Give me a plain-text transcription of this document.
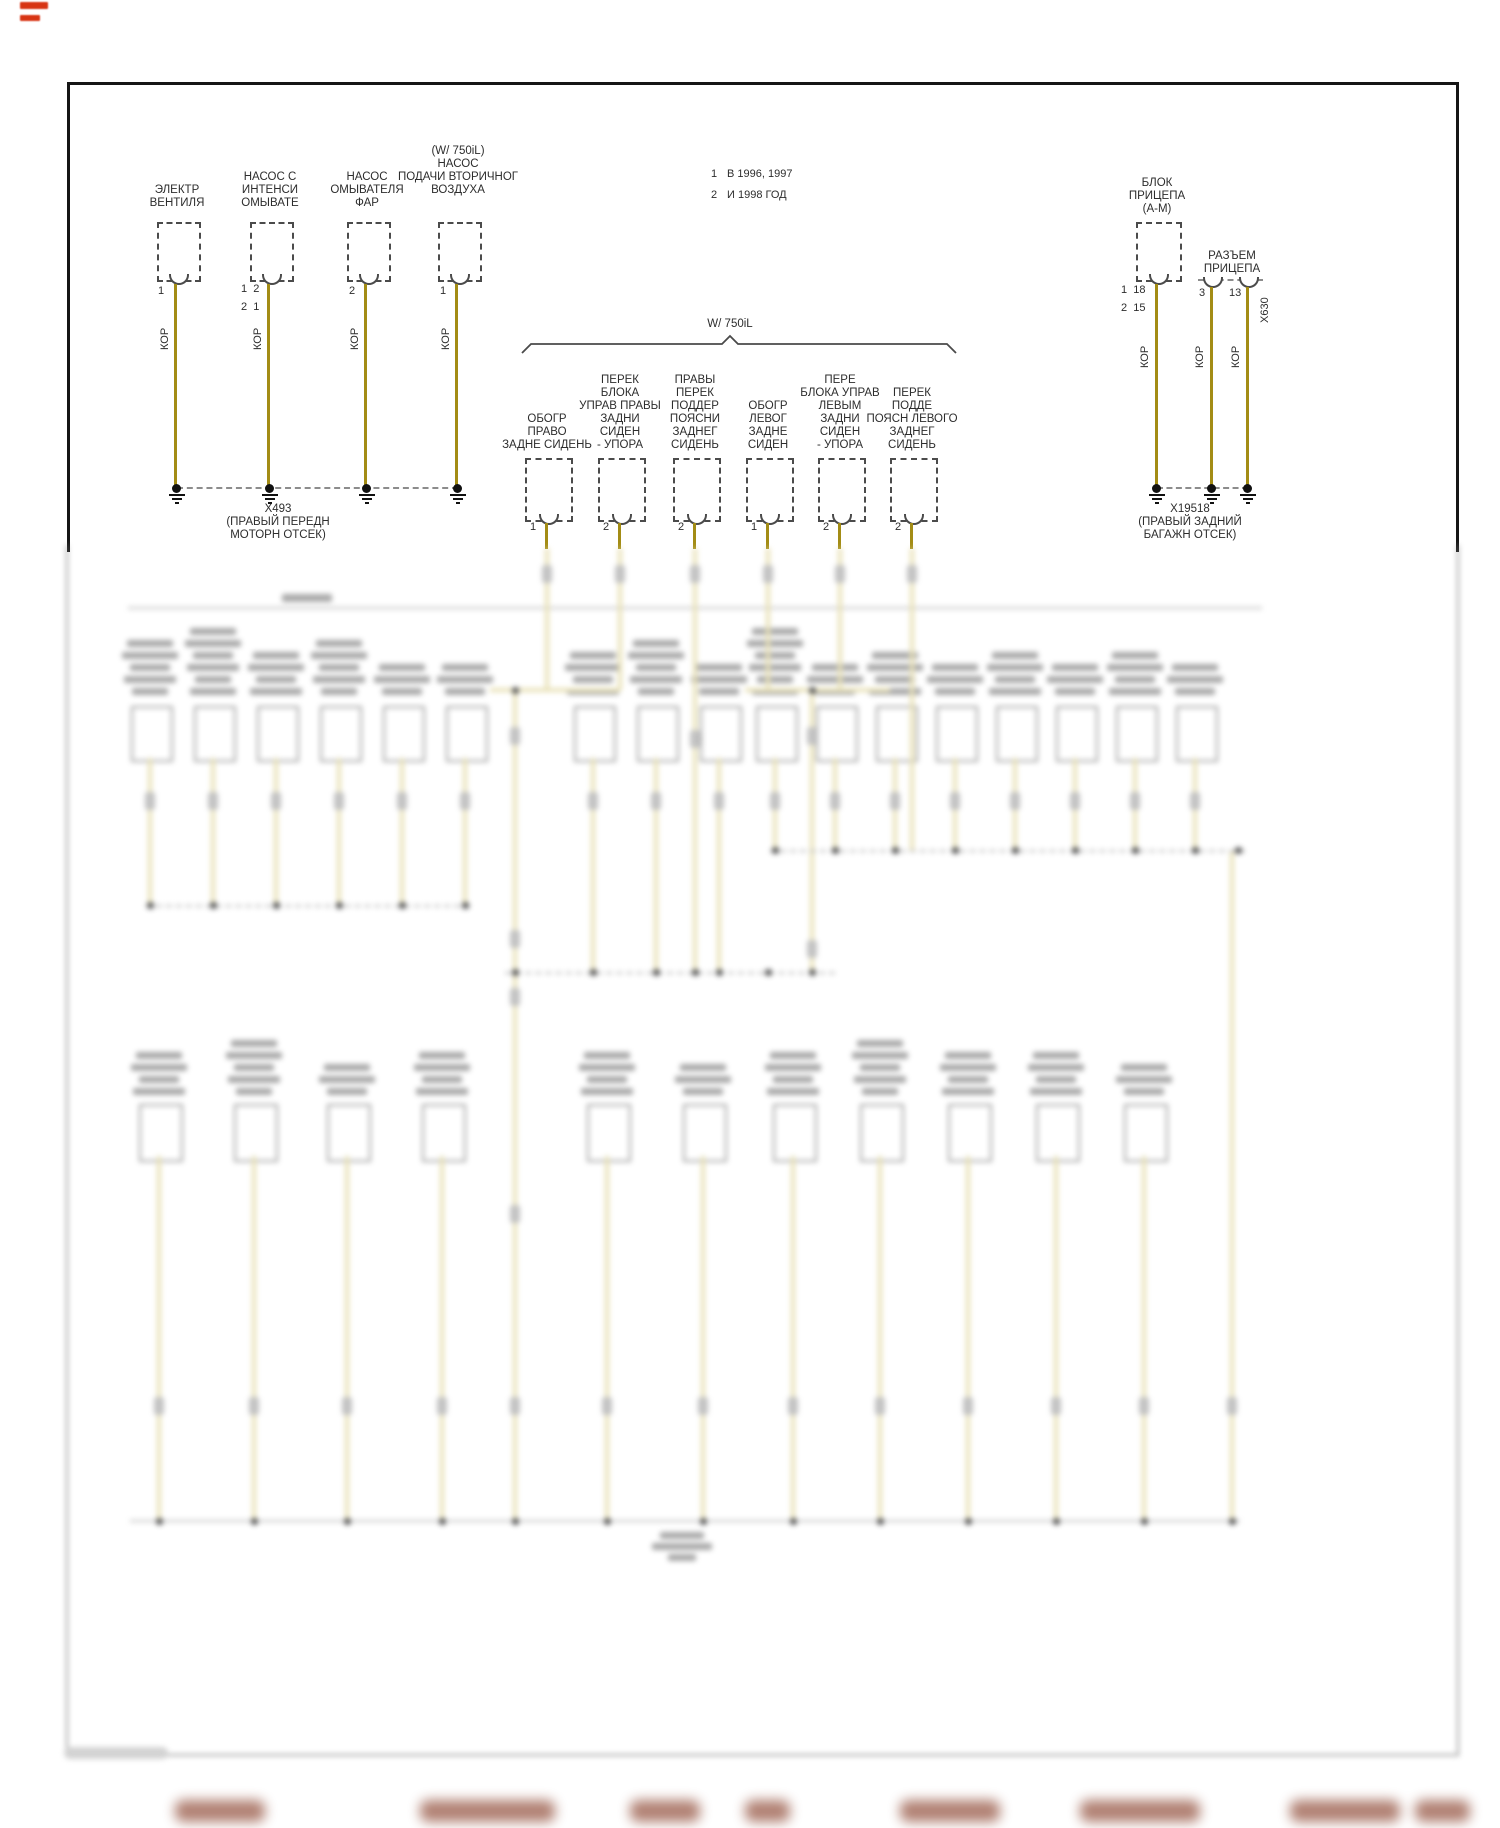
1 В 1996, 1997
2 И 1998 ГОД
ЭЛЕКТР
ВЕНТИЛЯ
1
КОР
НАСОС С
ИНТЕНСИ
ОМЫВАТЕ
1  2
2  1
КОР
НАСОС
ОМЫВАТЕЛЯ
ФАР
2
КОР
(W/ 750iL)
НАСОС
ПОДАЧИ ВТОРИЧНОГ
ВОЗДУХА
1
КОР
X493
(ПРАВЫЙ ПЕРЕДН
МОТОРН ОТСЕК)
W/ 750iL
ОБОГР
ПРАВО
ЗАДНЕ СИДЕНЬ
1
ПЕРЕК
БЛОКА
УПРАВ ПРАВЫ
ЗАДНИ
СИДЕН
- УПОРА
2
ПРАВЫ
ПЕРЕК
ПОДДЕР
ПОЯСНИ
ЗАДНЕГ
СИДЕНЬ
2
ОБОГР
ЛЕВОГ
ЗАДНЕ
СИДЕН
1
ПЕРЕ
БЛОКА УПРАВ
ЛЕВЫМ
ЗАДНИ
СИДЕН
- УПОРА
2
ПЕРЕК
ПОДДЕ
ПОЯСН ЛЕВОГО
ЗАДНЕГ
СИДЕНЬ
2
БЛОК
ПРИЦЕПА
(A-M)
1  18
2  15
КОР
РАЗЪЕМ
ПРИЦЕПА
3 13
КОР КОР
X630
X19518
(ПРАВЫЙ ЗАДНИЙ
БАГАЖН ОТСЕК)
